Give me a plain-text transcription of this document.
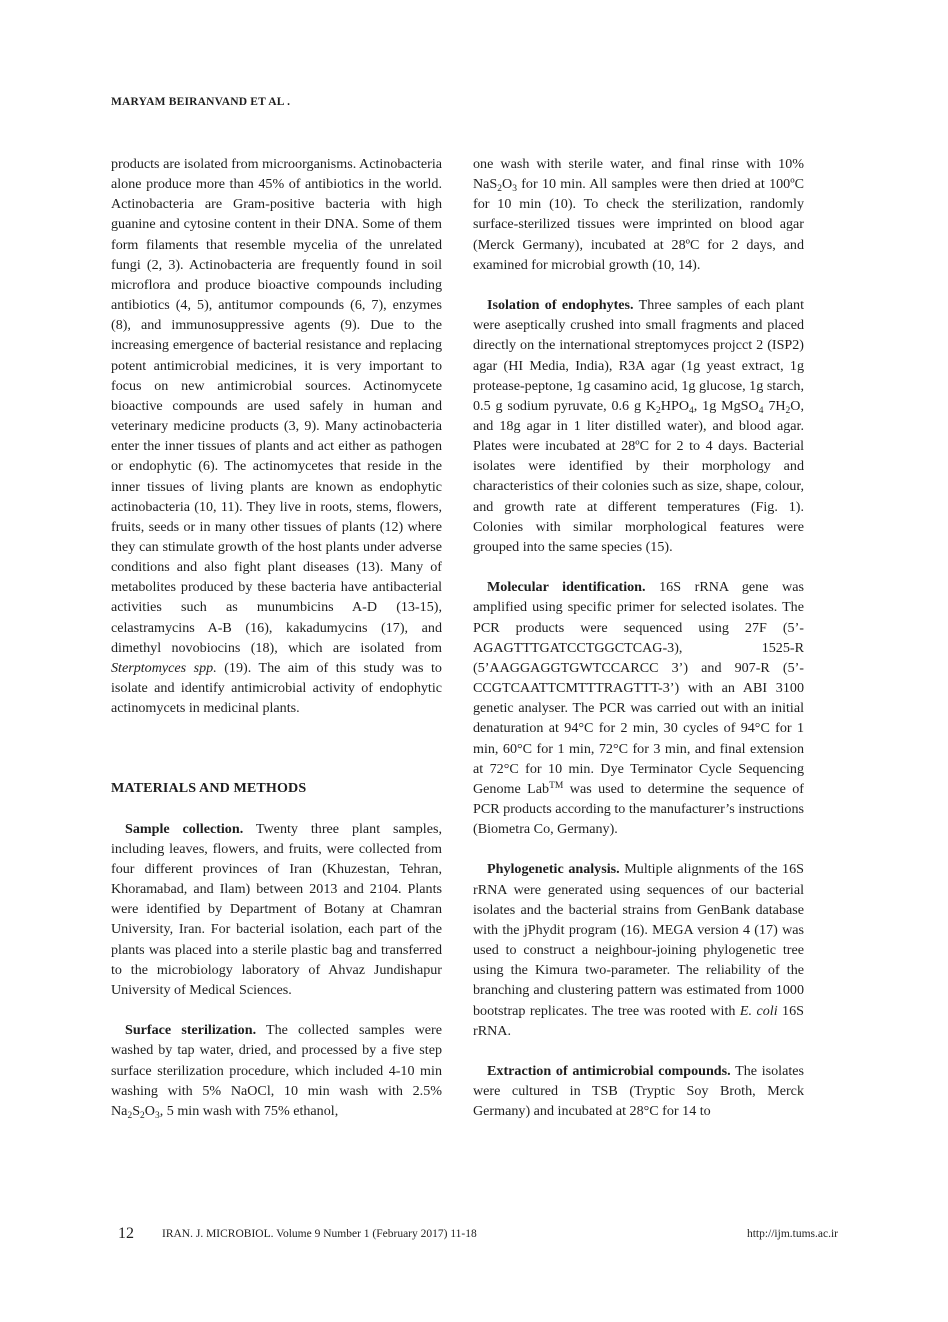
MARYAM BEIRANVAND ET AL .

products are isolated from microorganisms. Actinobacteria alone produce more than 45% of antibiotics in the world. Actinobacteria are Gram-positive bacteria with high guanine and cytosine content in their DNA. Some of them form filaments that resemble mycelia of the unrelated fungi (2, 3). Actinobacteria are frequently found in soil microflora and produce bioactive compounds including antibiotics (4, 5), antitumor compounds (6, 7), enzymes (8), and immunosuppressive agents (9). Due to the increasing emergence of bacterial resistance and replacing potent antimicrobial medicines, it is very important to focus on new antimicrobial sources. Actinomycete bioactive compounds are used safely in human and veterinary medicine products (3, 9). Many actinobacteria enter the inner tissues of plants and act either as pathogen or endophytic (6). The actinomycetes that reside in the inner tissues of living plants are known as endophytic actinobacteria (10, 11). They live in roots, stems, flowers, fruits, seeds or in many other tissues of plants (12) where they can stimulate growth of the host plants under adverse conditions and also fight plant diseases (13). Many of metabolites produced by these bacteria have antibacterial activities such as munumbicins A-D (13-15), celastramycins A-B (16), kakadumycins (17), and dimethyl novobiocins (18), which are isolated from Sterptomyces spp. (19). The aim of this study was to isolate and identify antimicrobial activity of endophytic actinomycets in medicinal plants.

MATERIALS AND METHODS

Sample collection. Twenty three plant samples, including leaves, flowers, and fruits, were collected from four different provinces of Iran (Khuzestan, Tehran, Khoramabad, and Ilam) between 2013 and 2104. Plants were identified by Department of Botany at Chamran University, Iran. For bacterial isolation, each part of the plants was placed into a sterile plastic bag and transferred to the microbiology laboratory of Ahvaz Jundishapur University of Medical Sciences.

Surface sterilization. The collected samples were washed by tap water, dried, and processed by a five step surface sterilization procedure, which included 4-10 min washing with 5% NaOCl, 10 min wash with 2.5% $Na_2S_2O_3$, 5 min wash with 75% ethanol,

one wash with sterile water, and final rinse with 10% $NaS_2O_3$ for 10 min. All samples were then dried at 100ºC for 10 min (10). To check the sterilization, randomly surface-sterilized tissues were imprinted on blood agar (Merck Germany), incubated at 28ºC for 2 days, and examined for microbial growth (10, 14).

Isolation of endophytes. Three samples of each plant were aseptically crushed into small fragments and placed directly on the international streptomyces projcct 2 (ISP2) agar (HI Media, India), R3A agar (1g yeast extract, 1g protease-peptone, 1g casamino acid, 1g glucose, 1g starch, 0.5 g sodium pyruvate, 0.6 g $K_2HPO_4$, 1g MgSO$_4$ $7H_2O$, and 18g agar in 1 liter distilled water), and blood agar. Plates were incubated at 28ºC for 2 to 4 days. Bacterial isolates were identified by their morphology and characteristics of their colonies such as size, shape, colour, and growth rate at different temperatures (Fig. 1). Colonies with similar morphological features were grouped into the same species (15).

Molecular identification. 16S rRNA gene was amplified using specific primer for selected isolates. The PCR products were sequenced using 27F (5’-AGAGTTTGATCCTGGCTCAG-3), 1525-R (5’AAGGAGGTGWTCCARCC 3’) and 907-R (5’-CCGTCAATTCMTTTRAGTTT-3’) with an ABI 3100 genetic analyser. The PCR was carried out with an initial denaturation at 94°C for 2 min, 30 cycles of 94°C for 1 min, 60°C for 1 min, 72°C for 3 min, and final extension at 72°C for 10 min. Dye Terminator Cycle Sequencing Genome Lab™ was used to determine the sequence of PCR products according to the manufacturer’s instructions (Biometra Co, Germany).

Phylogenetic analysis. Multiple alignments of the 16S rRNA were generated using sequences of our bacterial isolates and the bacterial strains from GenBank database with the jPhydit program (16). MEGA version 4 (17) was used to construct a neighbour-joining phylogenetic tree using the Kimura two-parameter. The reliability of the branching and clustering pattern was estimated from 1000 bootstrap replicates. The tree was rooted with E. coli 16S rRNA.

Extraction of antimicrobial compounds. The isolates were cultured in TSB (Tryptic Soy Broth, Merck Germany) and incubated at 28°C for 14 to

12 IRAN. J. MICROBIOL. Volume 9 Number 1 (February 2017) 11-18	http://ijm.tums.ac.ir
